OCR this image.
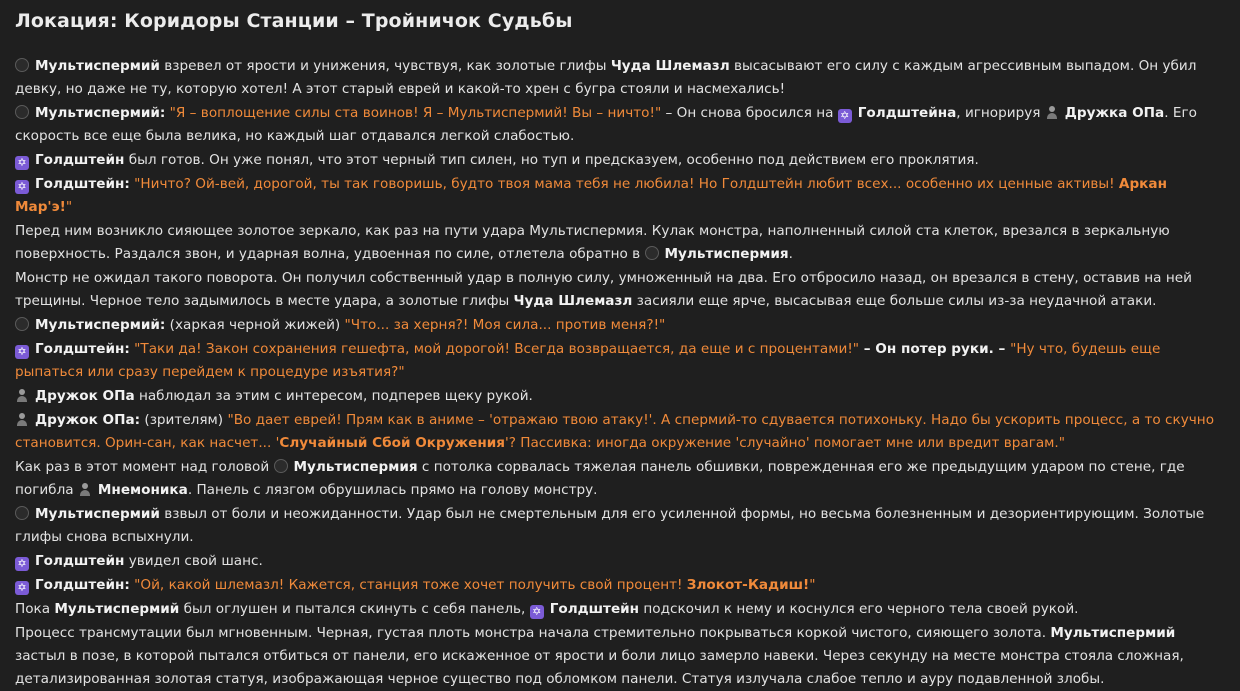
Локация: Коридоры Станции – Тройничок Судьбы

Мультиспермий взревел от ярости и унижения, чувствуя, как золотые глифы Чуда Шлемазл высасывают его силу с каждым агрессивным выпадом. Он убил девку, но даже не ту, которую хотел! А этот старый еврей и какой-то хрен с бугра стояли и насмехались!

Мультиспермий: "Я – воплощение силы ста воинов! Я – Мультиспермий! Вы – ничто!" – Он снова бросился на ✡ Голдштейна, игнорируя Дружка ОПа. Его скорость все еще была велика, но каждый шаг отдавался легкой слабостью.

✡ Голдштейн был готов. Он уже понял, что этот черный тип силен, но туп и предсказуем, особенно под действием его проклятия.

✡ Голдштейн: "Ничто? Ой-вей, дорогой, ты так говоришь, будто твоя мама тебя не любила! Но Голдштейн любит всех... особенно их ценные активы! Аркан Мар'э!"

Перед ним возникло сияющее золотое зеркало, как раз на пути удара Мультиспермия. Кулак монстра, наполненный силой ста клеток, врезался в зеркальную поверхность. Раздался звон, и ударная волна, удвоенная по силе, отлетела обратно в Мультиспермия.

Монстр не ожидал такого поворота. Он получил собственный удар в полную силу, умноженный на два. Его отбросило назад, он врезался в стену, оставив на ней трещины. Черное тело задымилось в месте удара, а золотые глифы Чуда Шлемазл засияли еще ярче, высасывая еще больше силы из-за неудачной атаки.

Мультиспермий: (харкая черной жижей) "Что... за херня?! Моя сила... против меня?!"

✡ Голдштейн: "Таки да! Закон сохранения гешефта, мой дорогой! Всегда возвращается, да еще и с процентами!" – Он потер руки. – "Ну что, будешь еще рыпаться или сразу перейдем к процедуре изъятия?"

Дружок ОПа наблюдал за этим с интересом, подперев щеку рукой.

Дружок ОПа: (зрителям) "Во дает еврей! Прям как в аниме – 'отражаю твою атаку!'. А спермий-то сдувается потихоньку. Надо бы ускорить процесс, а то скучно становится. Орин-сан, как насчет... 'Случайный Сбой Окружения'? Пассивка: иногда окружение 'случайно' помогает мне или вредит врагам."

Как раз в этот момент над головой Мультиспермия с потолка сорвалась тяжелая панель обшивки, поврежденная его же предыдущим ударом по стене, где погибла Мнемоника. Панель с лязгом обрушилась прямо на голову монстру.

Мультиспермий взвыл от боли и неожиданности. Удар был не смертельным для его усиленной формы, но весьма болезненным и дезориентирующим. Золотые глифы снова вспыхнули.

✡ Голдштейн увидел свой шанс.

✡ Голдштейн: "Ой, какой шлемазл! Кажется, станция тоже хочет получить свой процент! Злокот-Кадиш!"

Пока Мультиспермий был оглушен и пытался скинуть с себя панель, ✡ Голдштейн подскочил к нему и коснулся его черного тела своей рукой.

Процесс трансмутации был мгновенным. Черная, густая плоть монстра начала стремительно покрываться коркой чистого, сияющего золота. Мультиспермий застыл в позе, в которой пытался отбиться от панели, его искаженное от ярости и боли лицо замерло навеки. Через секунду на месте монстра стояла сложная, детализированная золотая статуя, изображающая черное существо под обломком панели. Статуя излучала слабое тепло и ауру подавленной злобы.
